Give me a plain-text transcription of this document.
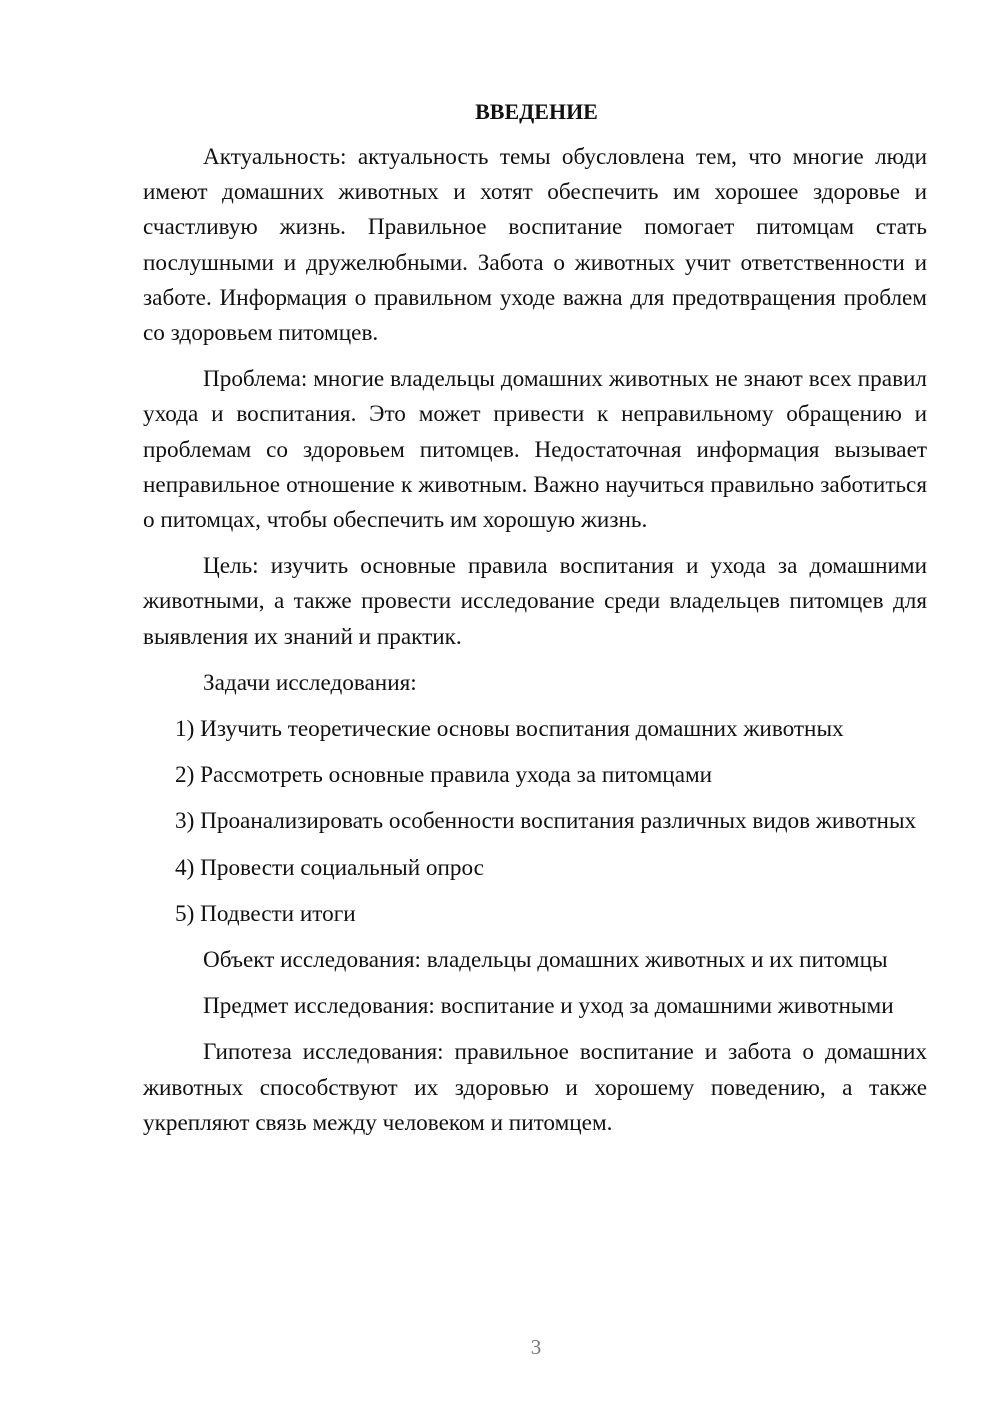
ВВЕДЕНИЕ

Актуальность: актуальность темы обусловлена тем, что многие люди имеют домашних животных и хотят обеспечить им хорошее здоровье и счастливую жизнь. Правильное воспитание помогает питомцам стать послушными и дружелюбными. Забота о животных учит ответственности и заботе. Информация о правильном уходе важна для предотвращения проблем со здоровьем питомцев.

Проблема: многие владельцы домашних животных не знают всех правил ухода и воспитания. Это может привести к неправильному обращению и проблемам со здоровьем питомцев. Недостаточная информация вызывает неправильное отношение к животным. Важно научиться правильно заботиться о питомцах, чтобы обеспечить им хорошую жизнь.

Цель: изучить основные правила воспитания и ухода за домашними животными, а также провести исследование среди владельцев питомцев для выявления их знаний и практик.

Задачи исследования:

1) Изучить теоретические основы воспитания домашних животных

2) Рассмотреть основные правила ухода за питомцами

3) Проанализировать особенности воспитания различных видов животных

4) Провести социальный опрос

5) Подвести итоги

Объект исследования: владельцы домашних животных и их питомцы

Предмет исследования: воспитание и уход за домашними животными

Гипотеза исследования: правильное воспитание и забота о домашних животных способствуют их здоровью и хорошему поведению, а также укрепляют связь между человеком и питомцем.

3
